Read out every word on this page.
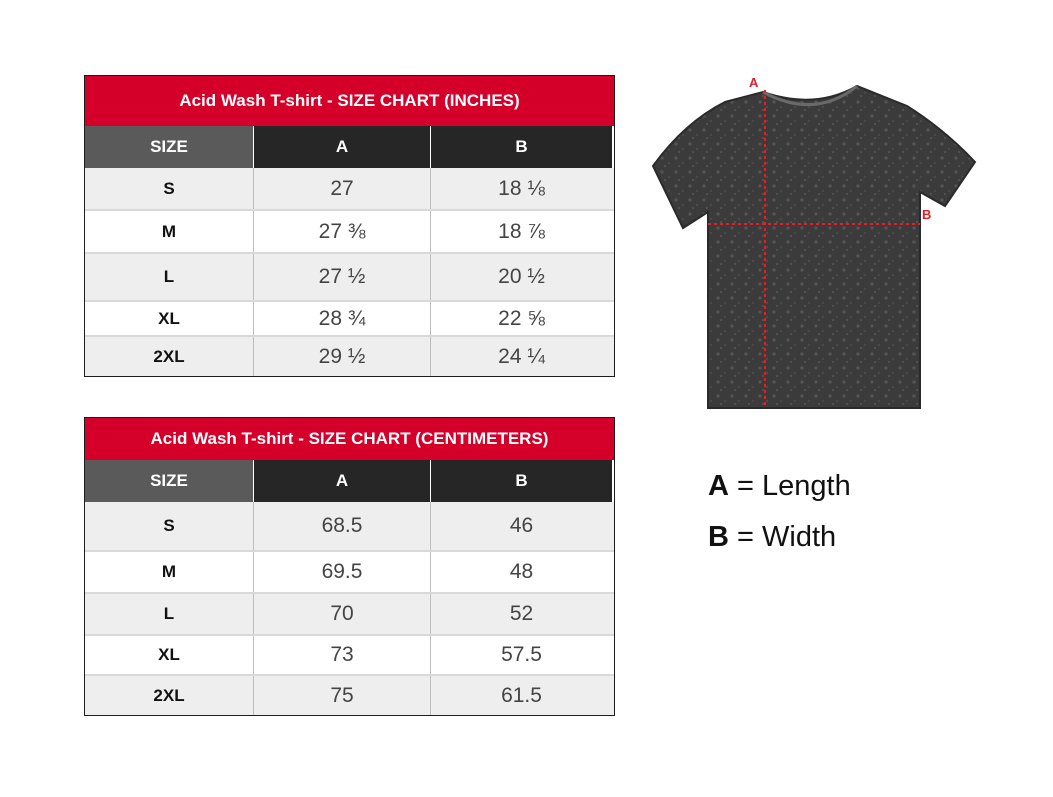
Acid Wash T-shirt - SIZE CHART (INCHES)
SIZE	A	B
S	27	18 ⅛
M	27 ⅜	18 ⅞
L	27 ½	20 ½
XL	28 ¾	22 ⅝
2XL	29 ½	24 ¼
Acid Wash T-shirt - SIZE CHART (CENTIMETERS)
SIZE	A	B
S	68.5	46
M	69.5	48
L	70	52
XL	73	57.5
2XL	75	61.5
A
B
A = Length
B = Width
